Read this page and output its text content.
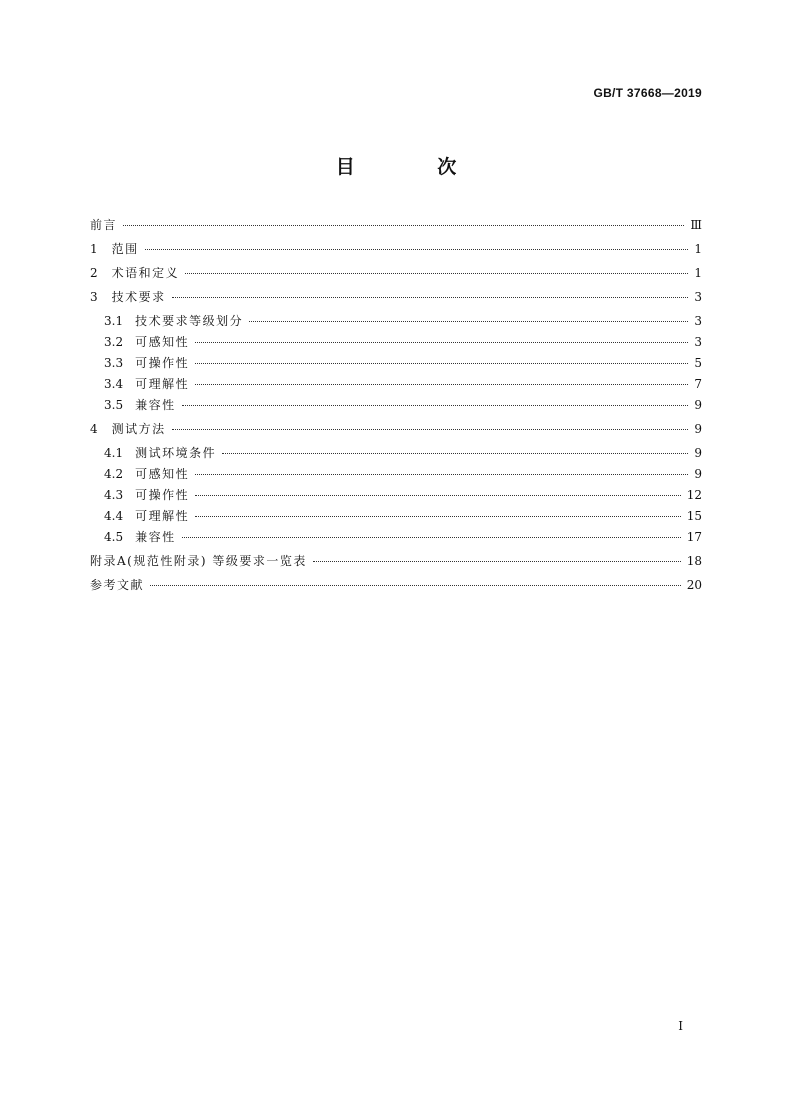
GB/T 37668—2019
目 次
前言	Ⅲ
1 范围	1
2 术语和定义	1
3 技术要求	3
3.1 技术要求等级划分	3
3.2 可感知性	3
3.3 可操作性	5
3.4 可理解性	7
3.5 兼容性	9
4 测试方法	9
4.1 测试环境条件	9
4.2 可感知性	9
4.3 可操作性	12
4.4 可理解性	15
4.5 兼容性	17
附录A(规范性附录) 等级要求一览表	18
参考文献	20
I
